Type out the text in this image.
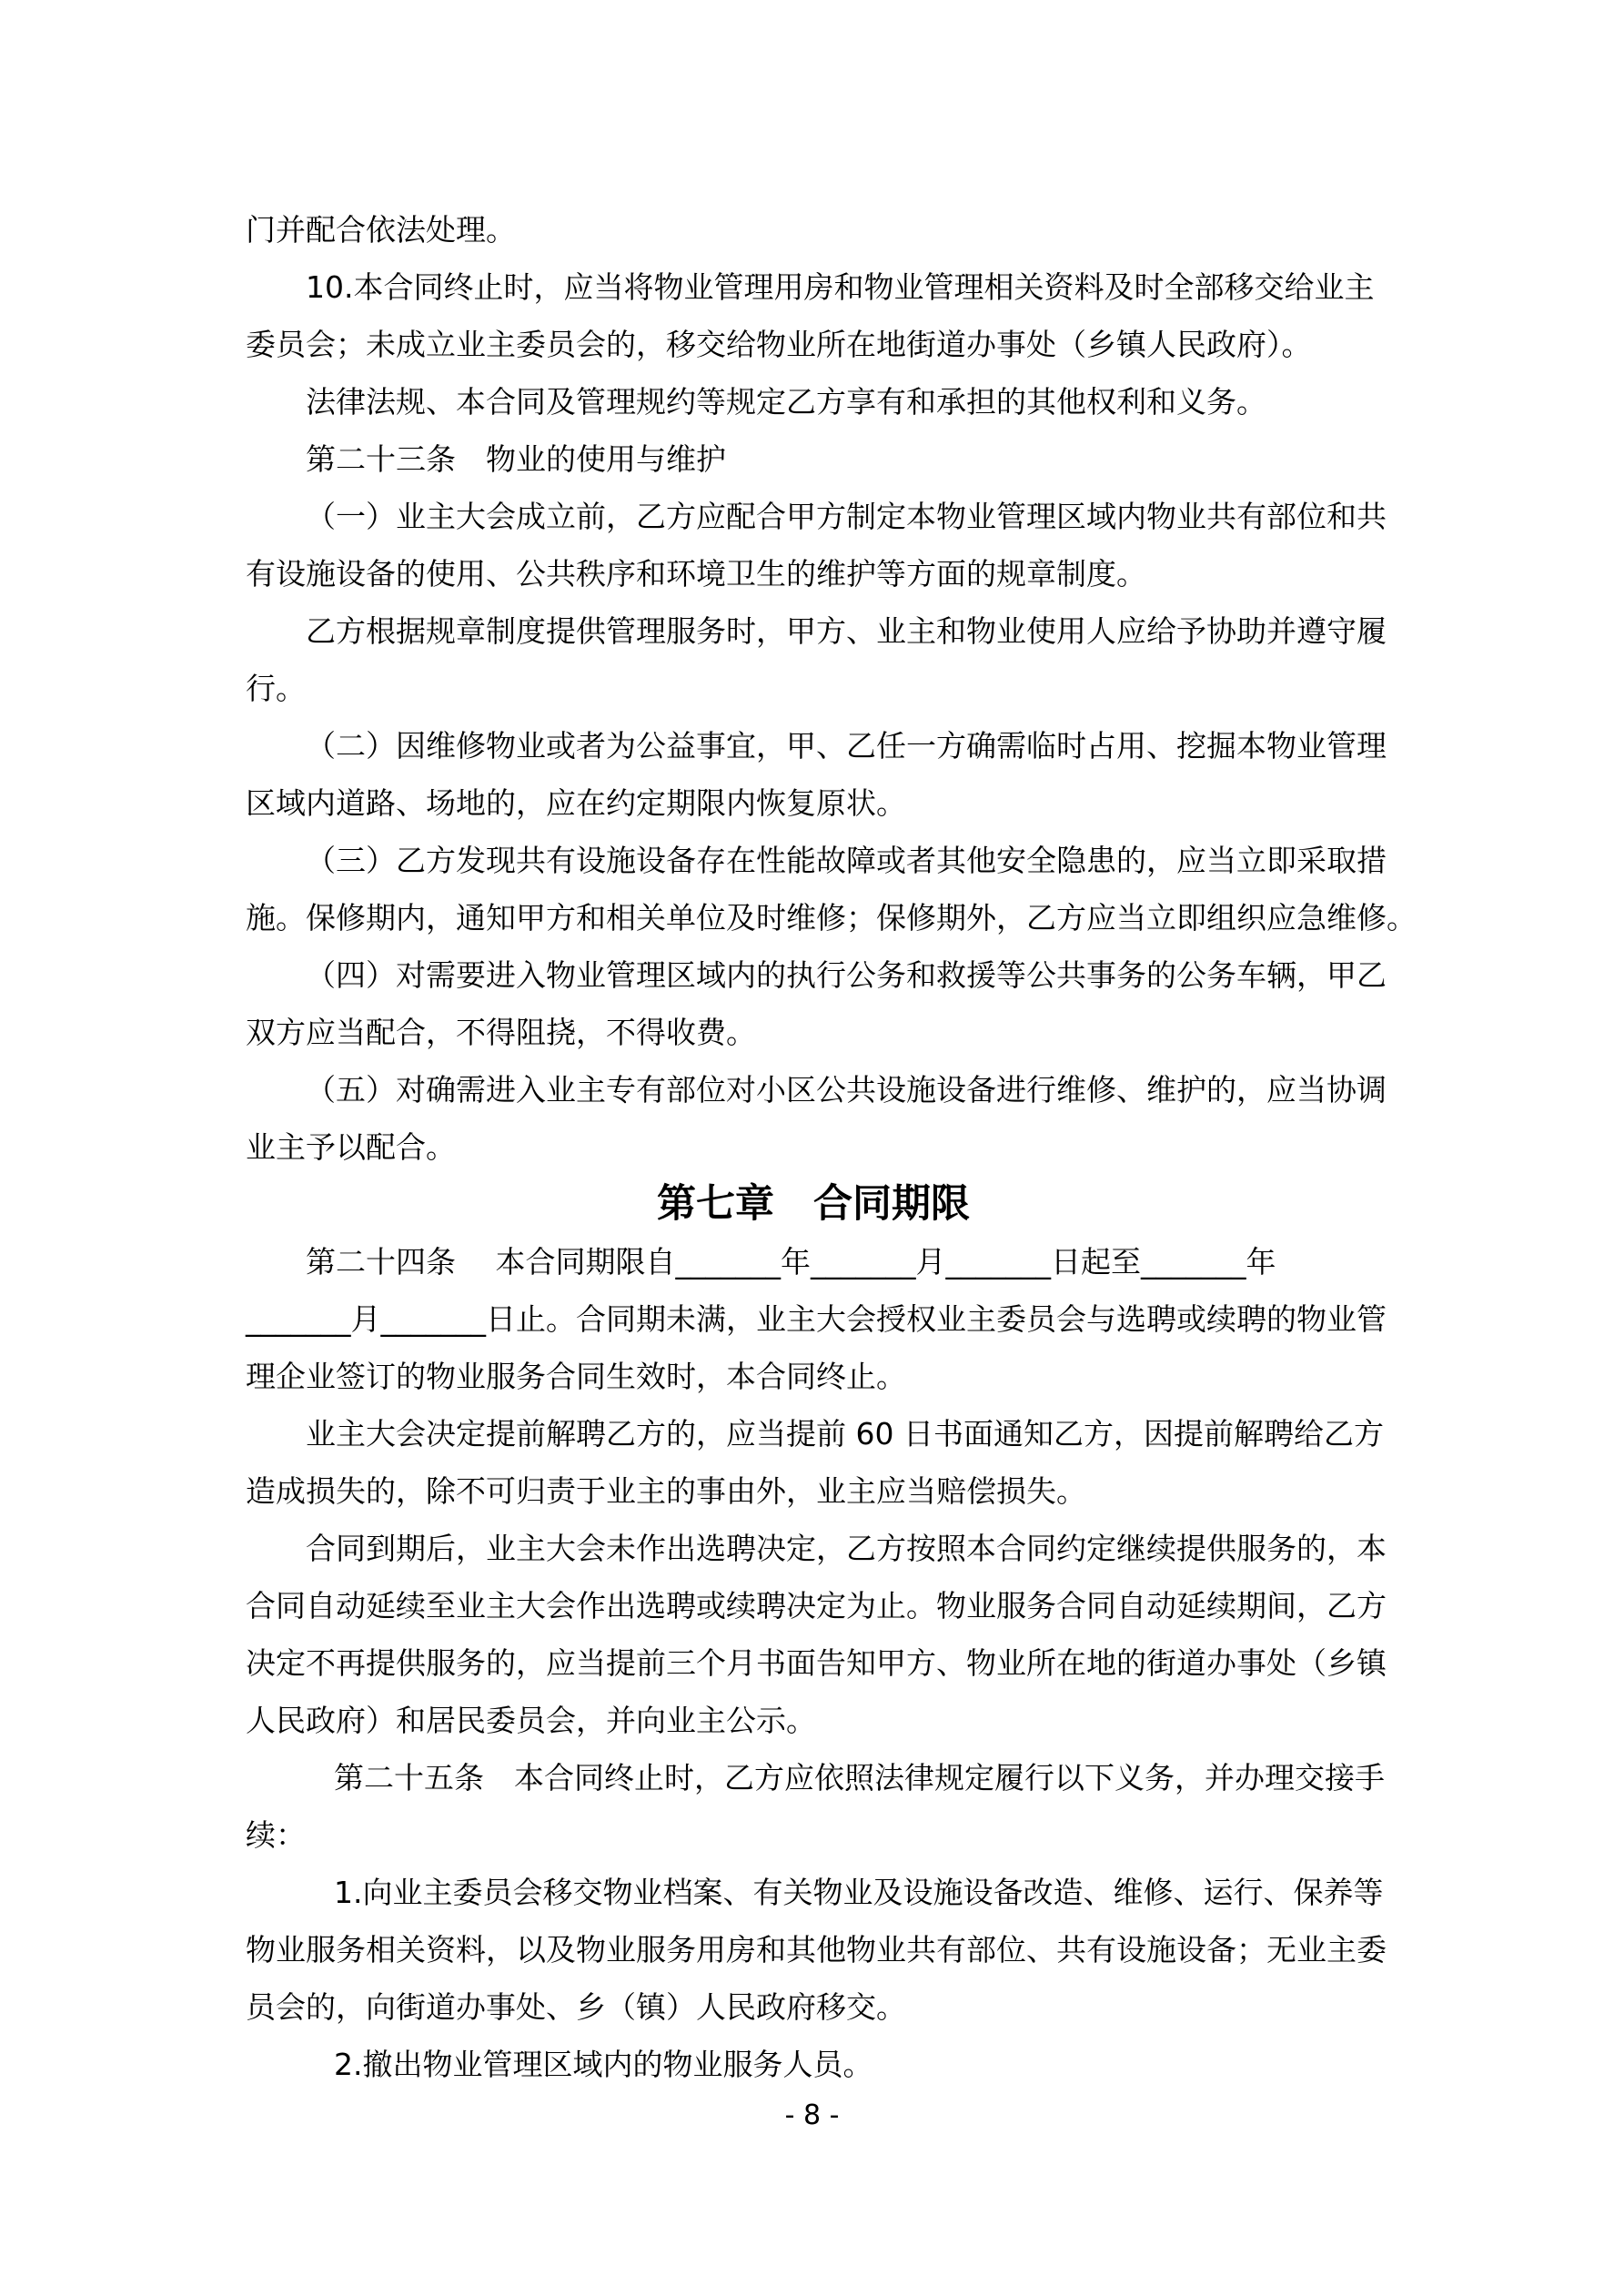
门并配合依法处理。
10.本合同终止时，应当将物业管理用房和物业管理相关资料及时全部移交给业主
委员会；未成立业主委员会的，移交给物业所在地街道办事处（乡镇人民政府）。
法律法规、本合同及管理规约等规定乙方享有和承担的其他权利和义务。
第二十三条　物业的使用与维护
（一）业主大会成立前，乙方应配合甲方制定本物业管理区域内物业共有部位和共
有设施设备的使用、公共秩序和环境卫生的维护等方面的规章制度。
乙方根据规章制度提供管理服务时，甲方、业主和物业使用人应给予协助并遵守履
行。
（二）因维修物业或者为公益事宜，甲、乙任一方确需临时占用、挖掘本物业管理
区域内道路、场地的，应在约定期限内恢复原状。
（三）乙方发现共有设施设备存在性能故障或者其他安全隐患的，应当立即采取措
施。保修期内，通知甲方和相关单位及时维修；保修期外，乙方应当立即组织应急维修。
（四）对需要进入物业管理区域内的执行公务和救援等公共事务的公务车辆，甲乙
双方应当配合，不得阻挠，不得收费。
（五）对确需进入业主专有部位对小区公共设施设备进行维修、维护的，应当协调
业主予以配合。
第七章　合同期限
第二十四条　 本合同期限自_______年_______月_______日起至_______年
_______月_______日止。合同期未满，业主大会授权业主委员会与选聘或续聘的物业管
理企业签订的物业服务合同生效时，本合同终止。
业主大会决定提前解聘乙方的，应当提前 60 日书面通知乙方，因提前解聘给乙方
造成损失的，除不可归责于业主的事由外，业主应当赔偿损失。
合同到期后，业主大会未作出选聘决定，乙方按照本合同约定继续提供服务的，本
合同自动延续至业主大会作出选聘或续聘决定为止。物业服务合同自动延续期间，乙方
决定不再提供服务的，应当提前三个月书面告知甲方、物业所在地的街道办事处（乡镇
人民政府）和居民委员会，并向业主公示。
第二十五条　本合同终止时，乙方应依照法律规定履行以下义务，并办理交接手
续：
1.向业主委员会移交物业档案、有关物业及设施设备改造、维修、运行、保养等
物业服务相关资料，以及物业服务用房和其他物业共有部位、共有设施设备；无业主委
员会的，向街道办事处、乡（镇）人民政府移交。
2.撤出物业管理区域内的物业服务人员。
- 8 -
